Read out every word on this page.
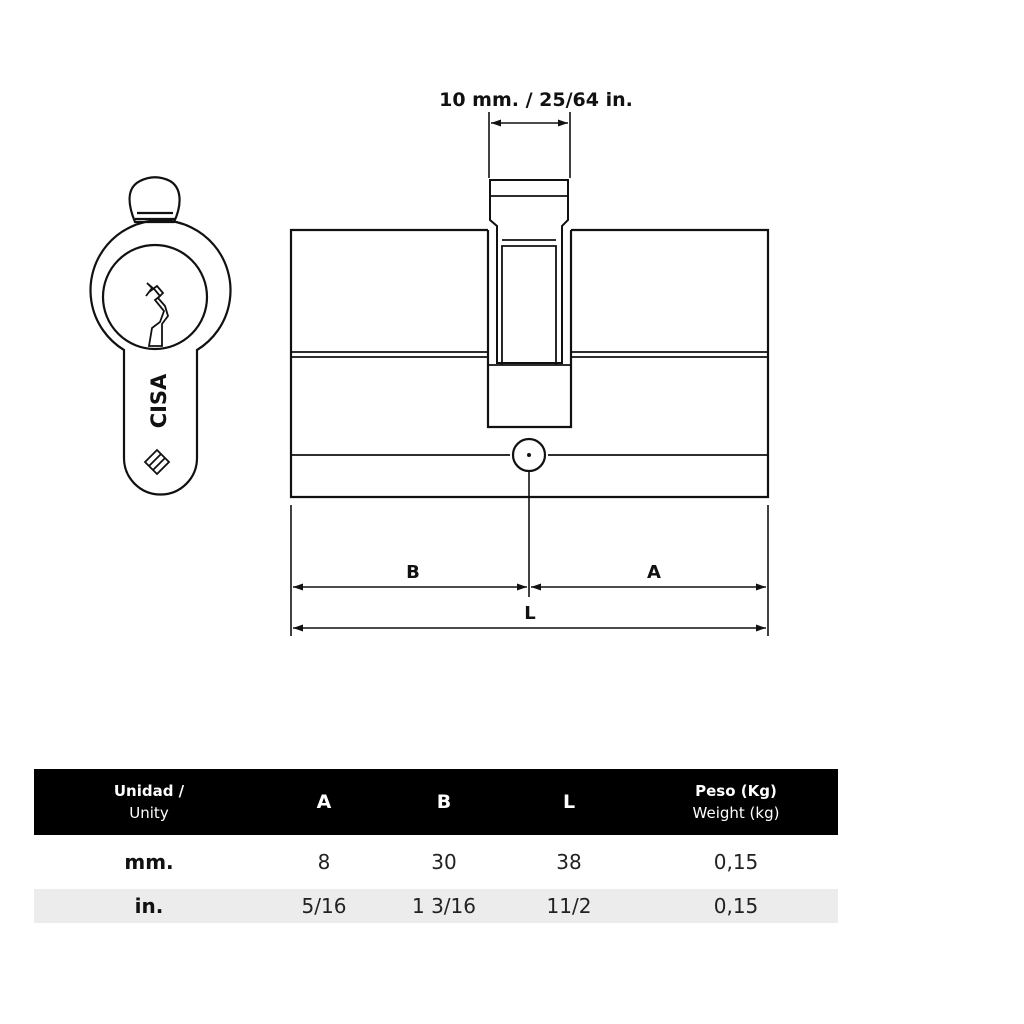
CISA
10 mm. / 25/64 in.
B	A
L
Unidad /
Unity	A	B	L	Peso (Kg)
Weight (kg)

mm.	8	30	38	0,15
in.	5/16	1 3/16	11/2	0,15
